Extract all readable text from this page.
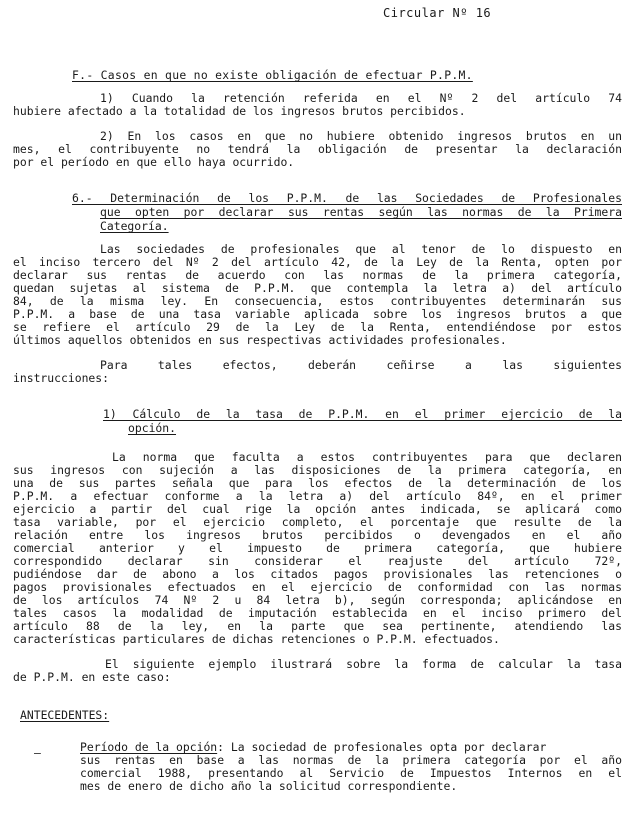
Circular Nº 16
F.- Casos en que no existe obligación de efectuar P.P.M.
1) Cuando la retención referida en el Nº 2 del artículo 74
hubiere afectado a la totalidad de los ingresos brutos percibidos.
2) En los casos en que no hubiere obtenido ingresos brutos en un
mes, el contribuyente no tendrá la obligación de presentar la declaración
por el período en que ello haya ocurrido.
6.- Determinación de los P.P.M. de las Sociedades de Profesionales
que opten por declarar sus rentas según las normas de la Primera
Categoría.
Las sociedades de profesionales que al tenor de lo dispuesto en
el inciso tercero del Nº 2 del artículo 42, de la Ley de la Renta, opten por
declarar sus rentas de acuerdo con las normas de la primera categoría,
quedan sujetas al sistema de P.P.M. que contempla la letra a) del artículo
84, de la misma ley. En consecuencia, estos contribuyentes determinarán sus
P.P.M. a base de una tasa variable aplicada sobre los ingresos brutos a que
se refiere el artículo 29 de la Ley de la Renta, entendiéndose por estos
últimos aquellos obtenidos en sus respectivas actividades profesionales.
Para tales efectos, deberán ceñirse a las siguientes
instrucciones:
1) Cálculo de la tasa de P.P.M. en el primer ejercicio de la
opción.
La norma que faculta a estos contribuyentes para que declaren
sus ingresos con sujeción a las disposiciones de la primera categoría, en
una de sus partes señala que para los efectos de la determinación de los
P.P.M. a efectuar conforme a la letra a) del artículo 84º, en el primer
ejercicio a partir del cual rige la opción antes indicada, se aplicará como
tasa variable, por el ejercicio completo, el porcentaje que resulte de la
relación entre los ingresos brutos percibidos o devengados en el año
comercial anterior y el impuesto de primera categoría, que hubiere
correspondido declarar sin considerar el reajuste del artículo 72º,
pudiéndose dar de abono a los citados pagos provisionales las retenciones o
pagos provisionales efectuados en el ejercicio de conformidad con las normas
de los artículos 74 Nº 2 u 84 letra b), según corresponda; aplicándose en
tales casos la modalidad de imputación establecida en el inciso primero del
artículo 88 de la ley, en la parte que sea pertinente, atendiendo las
características particulares de dichas retenciones o P.P.M. efectuados.
El siguiente ejemplo ilustrará sobre la forma de calcular la tasa
de P.P.M. en este caso:
ANTECEDENTES:
–	Período de la opción: La sociedad de profesionales opta por declarar
sus rentas en base a las normas de la primera categoría por el año
comercial 1988, presentando al Servicio de Impuestos Internos en el
mes de enero de dicho año la solicitud correspondiente.
